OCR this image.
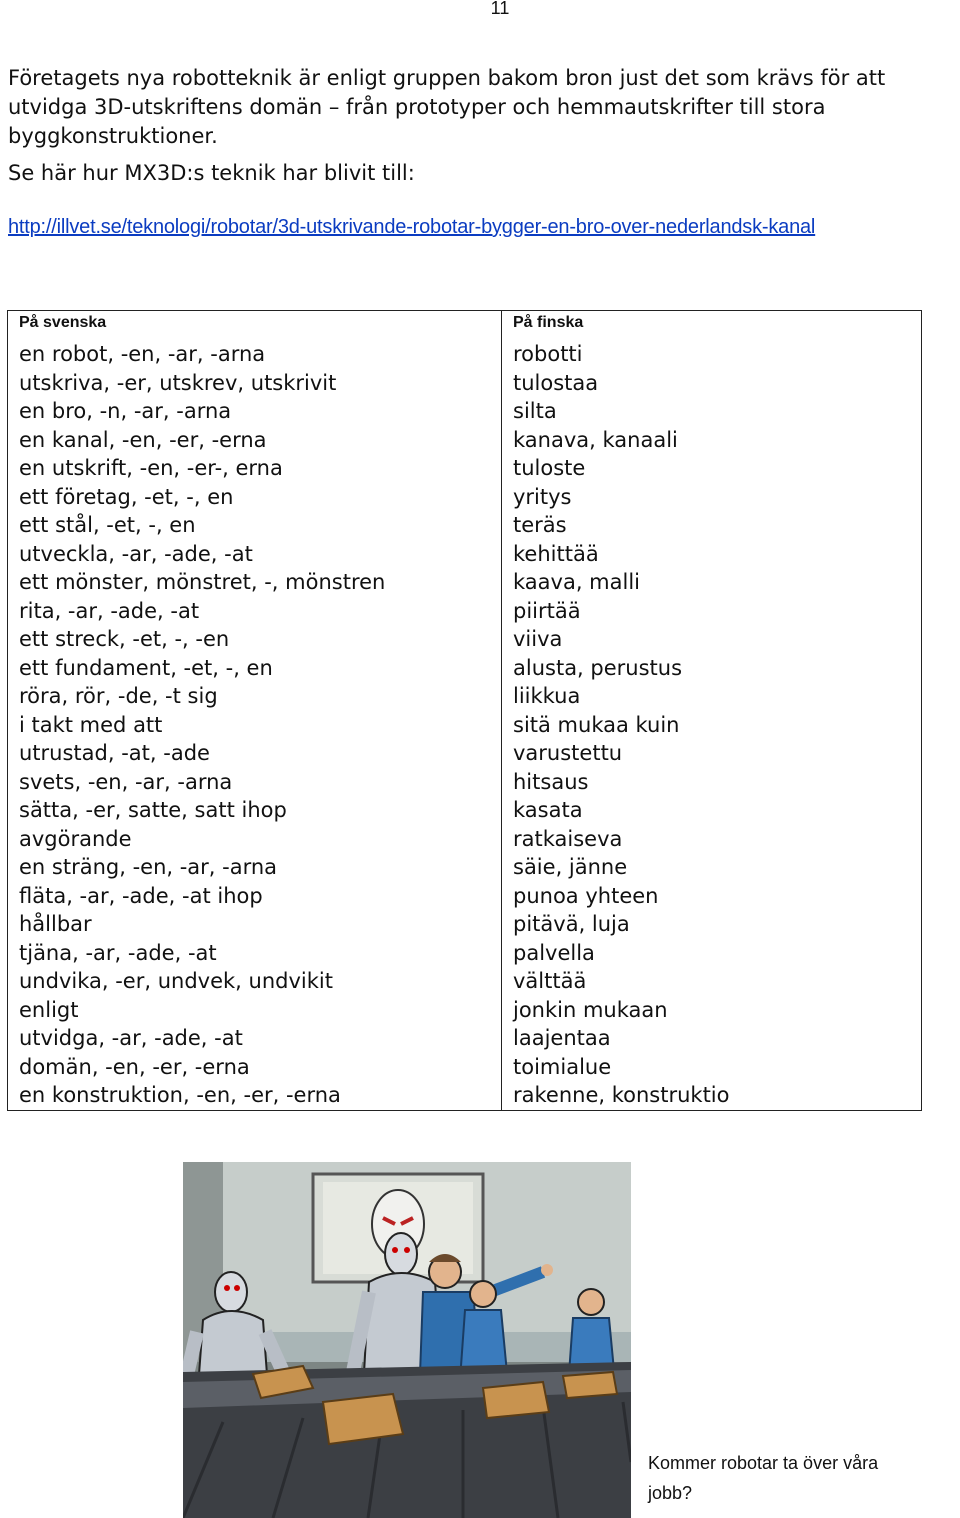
11

Företagets nya robotteknik är enligt gruppen bakom bron just det som krävs för att utvidga 3D-utskriftens domän – från prototyper och hemmautskrifter till stora byggkonstruktioner.

Se här hur MX3D:s teknik har blivit till:

http://illvet.se/teknologi/robotar/3d-utskrivande-robotar-bygger-en-bro-over-nederlandsk-kanal
På svenska	På finska
en robot, -en, -ar, -arna	robotti
utskriva, -er, utskrev, utskrivit	tulostaa
en bro, -n, -ar, -arna	silta
en kanal, -en, -er, -erna	kanava, kanaali
en utskrift, -en, -er-, erna	tuloste
ett företag, -et, -, en	yritys
ett stål, -et, -, en	teräs
utveckla, -ar, -ade, -at	kehittää
ett mönster, mönstret, -, mönstren	kaava, malli
rita, -ar, -ade, -at	piirtää
ett streck, -et, -, -en	viiva
ett fundament, -et, -, en	alusta, perustus
röra, rör, -de, -t sig	liikkua
i takt med att	sitä mukaa kuin
utrustad, -at, -ade	varustettu
svets, -en, -ar, -arna	hitsaus
sätta, -er, satte, satt ihop	kasata
avgörande	ratkaiseva
en sträng, -en, -ar, -arna	säie, jänne
fläta, -ar, -ade, -at ihop	punoa yhteen
hållbar	pitävä, luja
tjäna, -ar, -ade, -at	palvella
undvika, -er, undvek, undvikit	välttää
enligt	jonkin mukaan
utvidga, -ar, -ade, -at	laajentaa
domän, -en, -er, -erna	toimialue
en konstruktion, -en, -er, -erna	rakenne, konstruktio
Kommer robotar ta över våra jobb?
